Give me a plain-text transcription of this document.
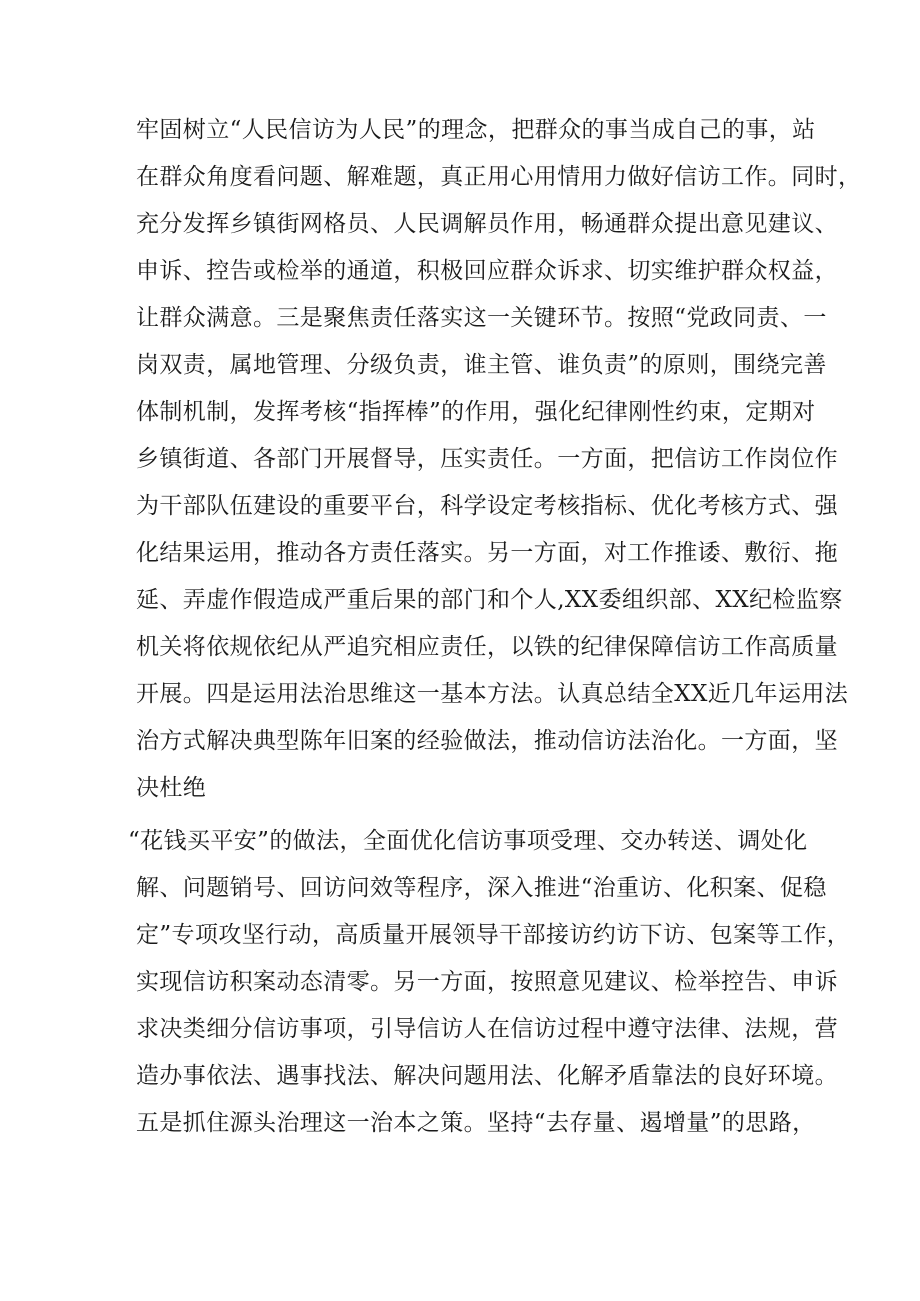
牢固树立“人民信访为人民”的理念，把群众的事当成自己的事，站
在群众角度看问题、解难题，真正用心用情用力做好信访工作。同时，
充分发挥乡镇街网格员、人民调解员作用，畅通群众提出意见建议、
申诉、控告或检举的通道，积极回应群众诉求、切实维护群众权益，
让群众满意。三是聚焦责任落实这一关键环节。按照“党政同责、一
岗双责，属地管理、分级负责，谁主管、谁负责”的原则，围绕完善
体制机制，发挥考核“指挥棒”的作用，强化纪律刚性约束，定期对
乡镇街道、各部门开展督导，压实责任。一方面，把信访工作岗位作
为干部队伍建设的重要平台，科学设定考核指标、优化考核方式、强
化结果运用，推动各方责任落实。另一方面，对工作推诿、敷衍、拖
延、弄虚作假造成严重后果的部门和个人,XX委组织部、XX纪检监察
机关将依规依纪从严追究相应责任，以铁的纪律保障信访工作高质量
开展。四是运用法治思维这一基本方法。认真总结全XX近几年运用法
治方式解决典型陈年旧案的经验做法，推动信访法治化。一方面，坚
决杜绝
“花钱买平安”的做法，全面优化信访事项受理、交办转送、调处化
解、问题销号、回访问效等程序，深入推进“治重访、化积案、促稳
定”专项攻坚行动，高质量开展领导干部接访约访下访、包案等工作，
实现信访积案动态清零。另一方面，按照意见建议、检举控告、申诉
求决类细分信访事项，引导信访人在信访过程中遵守法律、法规，营
造办事依法、遇事找法、解决问题用法、化解矛盾靠法的良好环境。
五是抓住源头治理这一治本之策。坚持“去存量、遏增量”的思路，
